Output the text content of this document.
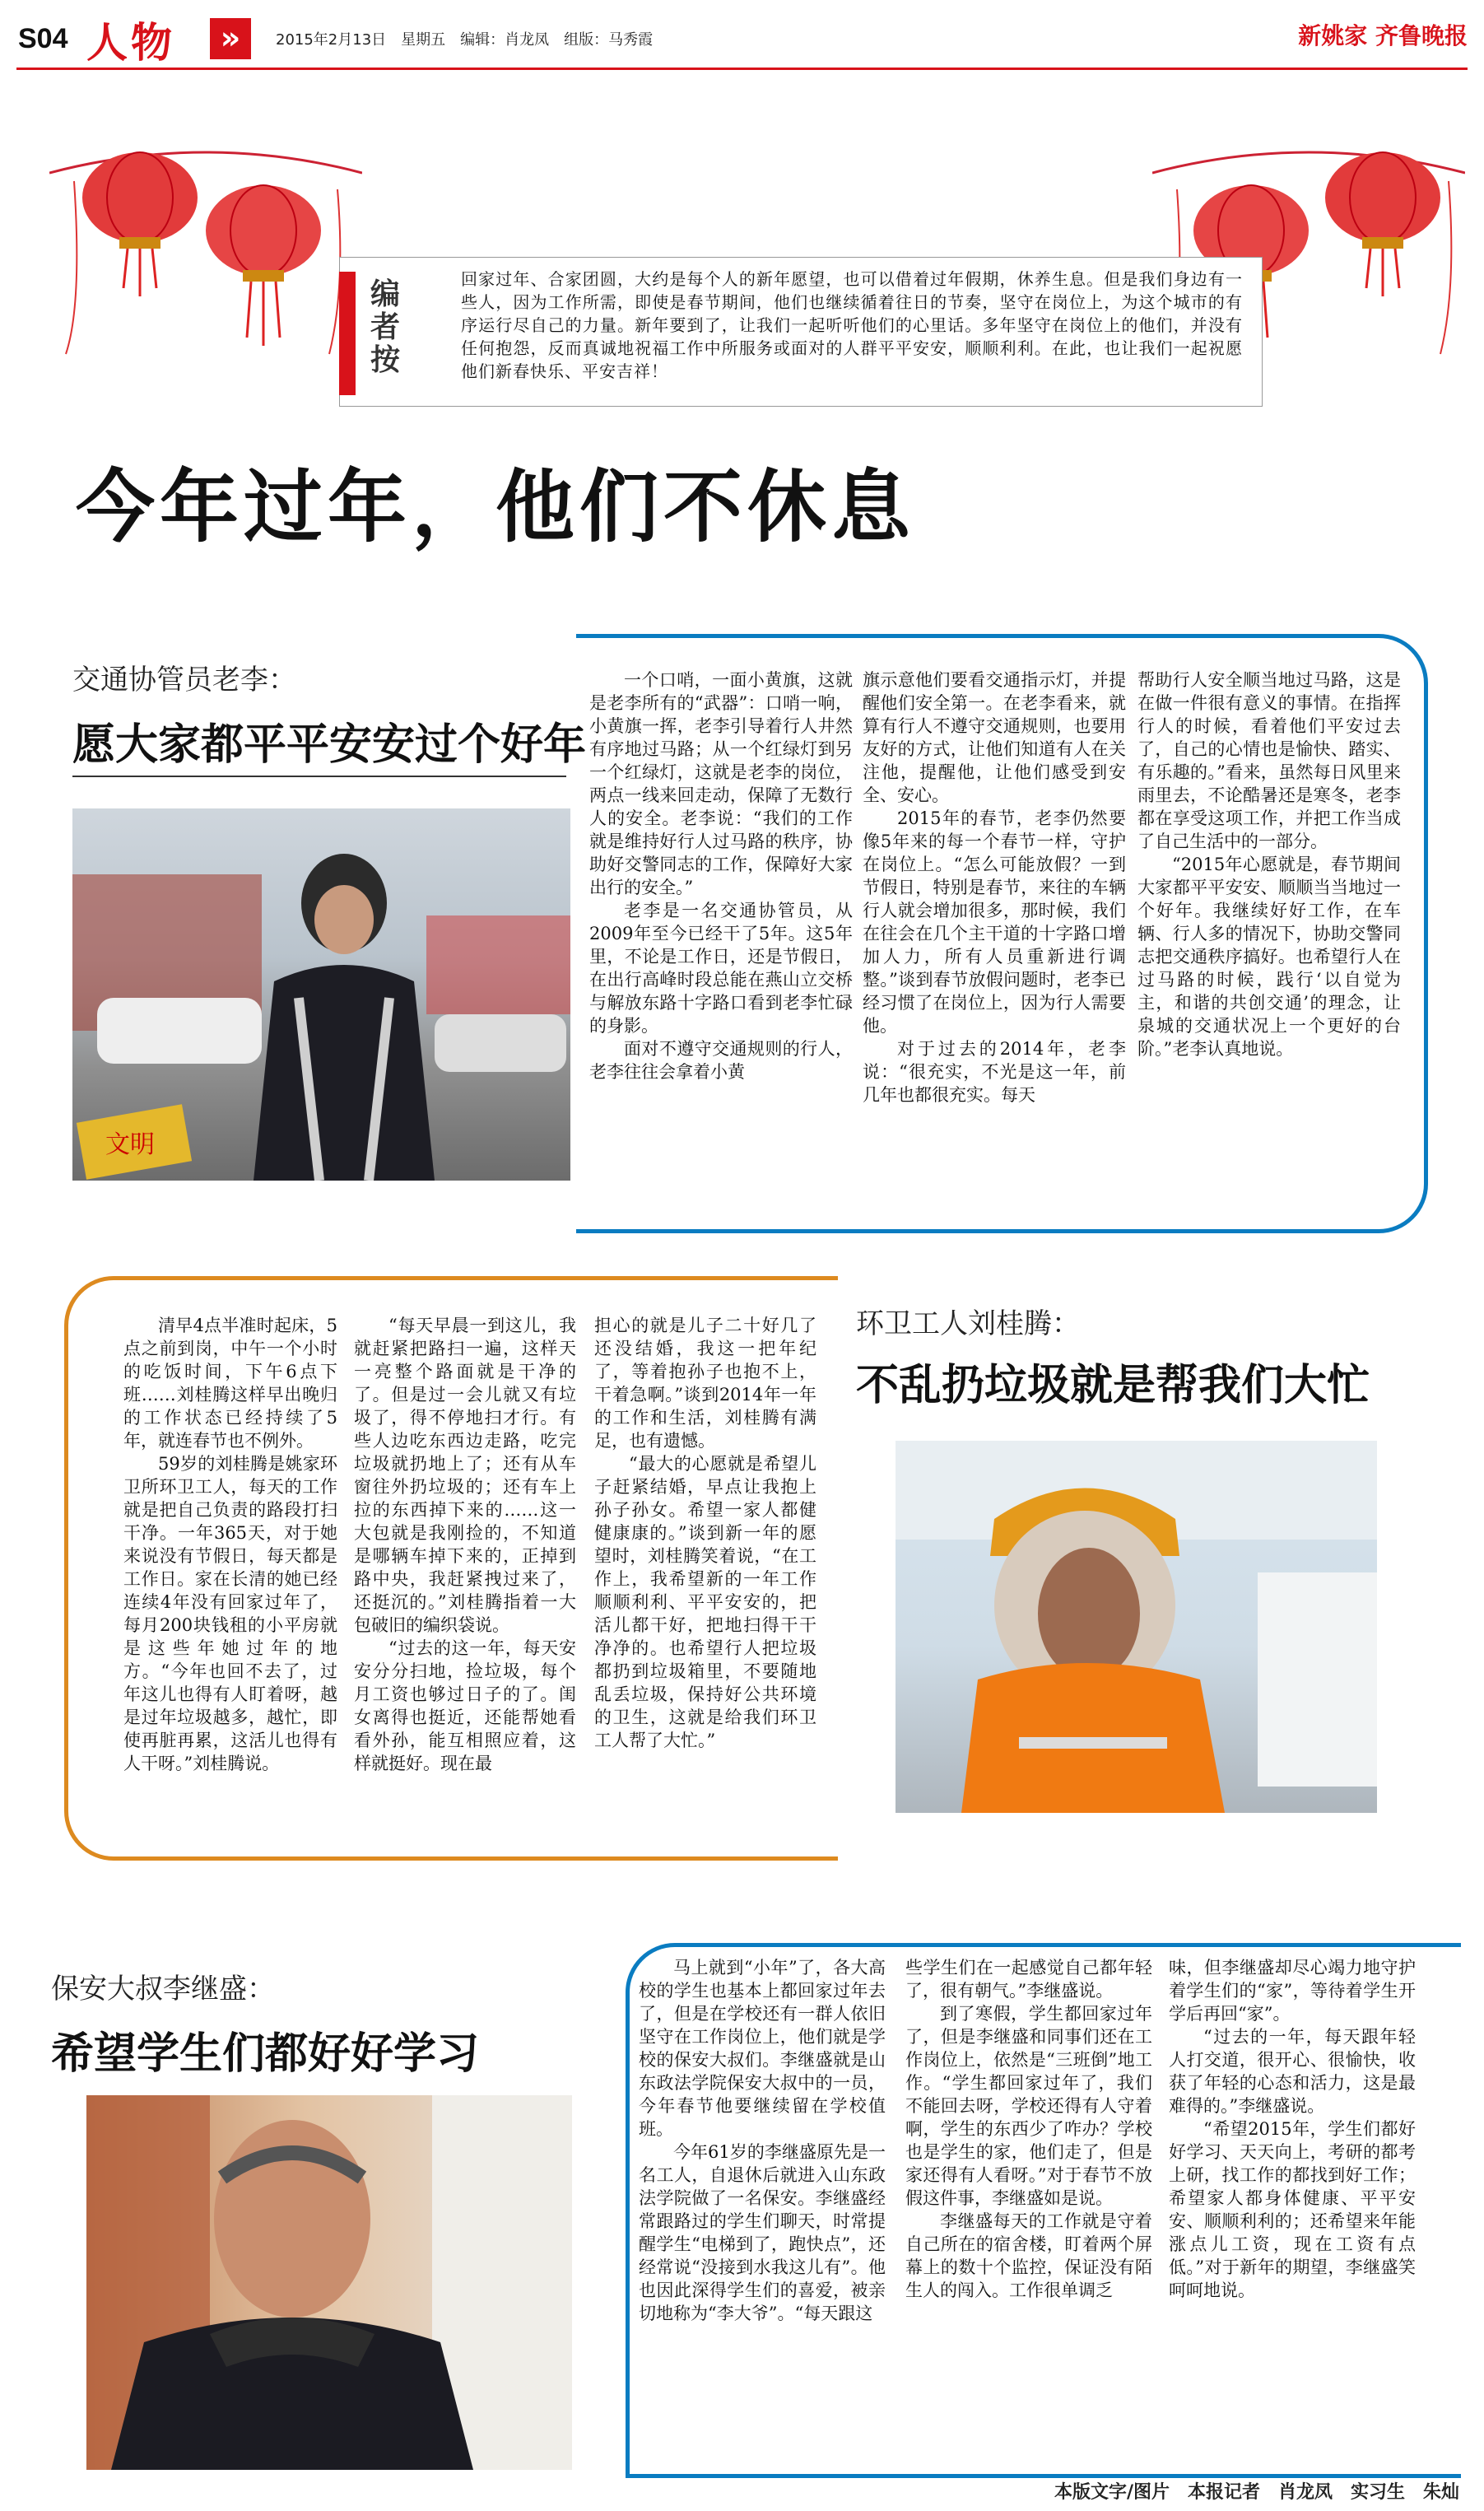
S04 人物	»	2015年2月13日　星期五　编辑：肖龙凤　组版：马秀霞	新姚家 齐鲁晚报
编者按
回家过年、合家团圆，大约是每个人的新年愿望，也可以借着过年假期，休养生息。但是我们身边有一些人，因为工作所需，即使是春节期间，他们也继续循着往日的节奏，坚守在岗位上，为这个城市的有序运行尽自己的力量。新年要到了，让我们一起听听他们的心里话。多年坚守在岗位上的他们，并没有任何抱怨，反而真诚地祝福工作中所服务或面对的人群平平安安，顺顺利利。在此，也让我们一起祝愿他们新春快乐、平安吉祥！
今年过年，他们不休息
交通协管员老李：
愿大家都平平安安过个好年
文明

一个口哨，一面小黄旗，这就是老李所有的“武器”：口哨一响，小黄旗一挥，老李引导着行人井然有序地过马路；从一个红绿灯到另一个红绿灯，这就是老李的岗位，两点一线来回走动，保障了无数行人的安全。老李说：“我们的工作就是维持好行人过马路的秩序，协助好交警同志的工作，保障好大家出行的安全。”

老李是一名交通协管员，从2009年至今已经干了5年。这5年里，不论是工作日，还是节假日，在出行高峰时段总能在燕山立交桥与解放东路十字路口看到老李忙碌的身影。

面对不遵守交通规则的行人，老李往往会拿着小黄

旗示意他们要看交通指示灯，并提醒他们安全第一。在老李看来，就算有行人不遵守交通规则，也要用友好的方式，让他们知道有人在关注他，提醒他，让他们感受到安全、安心。

2015年的春节，老李仍然要像5年来的每一个春节一样，守护在岗位上。“怎么可能放假？一到节假日，特别是春节，来往的车辆行人就会增加很多，那时候，我们在往会在几个主干道的十字路口增加人力，所有人员重新进行调整。”谈到春节放假问题时，老李已经习惯了在岗位上，因为行人需要他。

对于过去的2014年，老李说：“很充实，不光是这一年，前几年也都很充实。每天

帮助行人安全顺当地过马路，这是在做一件很有意义的事情。在指挥行人的时候，看着他们平安过去了，自己的心情也是愉快、踏实、有乐趣的。”看来，虽然每日风里来雨里去，不论酷暑还是寒冬，老李都在享受这项工作，并把工作当成了自己生活中的一部分。

“2015年心愿就是，春节期间大家都平平安安、顺顺当当地过一个好年。我继续好好工作，在车辆、行人多的情况下，协助交警同志把交通秩序搞好。也希望行人在过马路的时候，践行‘以自觉为主，和谐的共创交通’的理念，让泉城的交通状况上一个更好的台阶。”老李认真地说。

环卫工人刘桂腾：
不乱扔垃圾就是帮我们大忙

清早4点半准时起床，5点之前到岗，中午一个小时的吃饭时间，下午6点下班……刘桂腾这样早出晚归的工作状态已经持续了5年，就连春节也不例外。

59岁的刘桂腾是姚家环卫所环卫工人，每天的工作就是把自己负责的路段打扫干净。一年365天，对于她来说没有节假日，每天都是工作日。家在长清的她已经连续4年没有回家过年了，每月200块钱租的小平房就是这些年她过年的地方。“今年也回不去了，过年这儿也得有人盯着呀，越是过年垃圾越多，越忙，即使再脏再累，这活儿也得有人干呀。”刘桂腾说。

“每天早晨一到这儿，我就赶紧把路扫一遍，这样天一亮整个路面就是干净的了。但是过一会儿就又有垃圾了，得不停地扫才行。有些人边吃东西边走路，吃完垃圾就扔地上了；还有从车窗往外扔垃圾的；还有车上拉的东西掉下来的……这一大包就是我刚捡的，不知道是哪辆车掉下来的，正掉到路中央，我赶紧拽过来了，还挺沉的。”刘桂腾指着一大包破旧的编织袋说。

“过去的这一年，每天安安分分扫地，捡垃圾，每个月工资也够过日子的了。闺女离得也挺近，还能帮她看看外孙，能互相照应着，这样就挺好。现在最

担心的就是儿子二十好几了还没结婚，我这一把年纪了，等着抱孙子也抱不上，干着急啊。”谈到2014年一年的工作和生活，刘桂腾有满足，也有遗憾。

“最大的心愿就是希望儿子赶紧结婚，早点让我抱上孙子孙女。希望一家人都健健康康的。”谈到新一年的愿望时，刘桂腾笑着说，“在工作上，我希望新的一年工作顺顺利利、平平安安的，把活儿都干好，把地扫得干干净净的。也希望行人把垃圾都扔到垃圾箱里，不要随地乱丢垃圾，保持好公共环境的卫生，这就是给我们环卫工人帮了大忙。”

保安大叔李继盛：
希望学生们都好好学习

马上就到“小年”了，各大高校的学生也基本上都回家过年去了，但是在学校还有一群人依旧坚守在工作岗位上，他们就是学校的保安大叔们。李继盛就是山东政法学院保安大叔中的一员，今年春节他要继续留在学校值班。

今年61岁的李继盛原先是一名工人，自退休后就进入山东政法学院做了一名保安。李继盛经常跟路过的学生们聊天，时常提醒学生“电梯到了，跑快点”，还经常说“没接到水我这儿有”。他也因此深得学生们的喜爱，被亲切地称为“李大爷”。“每天跟这

些学生们在一起感觉自己都年轻了，很有朝气。”李继盛说。

到了寒假，学生都回家过年了，但是李继盛和同事们还在工作岗位上，依然是“三班倒”地工作。“学生都回家过年了，我们不能回去呀，学校还得有人守着啊，学生的东西少了咋办？学校也是学生的家，他们走了，但是家还得有人看呀。”对于春节不放假这件事，李继盛如是说。

李继盛每天的工作就是守着自己所在的宿舍楼，盯着两个屏幕上的数十个监控，保证没有陌生人的闯入。工作很单调乏

味，但李继盛却尽心竭力地守护着学生们的“家”，等待着学生开学后再回“家”。

“过去的一年，每天跟年轻人打交道，很开心、很愉快，收获了年轻的心态和活力，这是最难得的。”李继盛说。

“希望2015年，学生们都好好学习、天天向上，考研的都考上研，找工作的都找到好工作；希望家人都身体健康、平平安安、顺顺利利的；还希望来年能涨点儿工资，现在工资有点低。”对于新年的期望，李继盛笑呵呵地说。

本版文字/图片　本报记者　肖龙凤　实习生　朱灿
